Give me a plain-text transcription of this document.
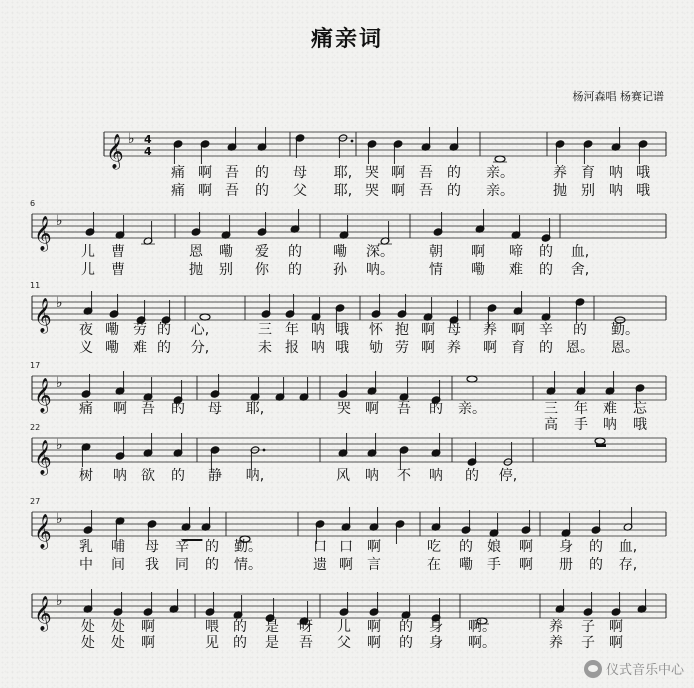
痛亲词
杨河森唱 杨赛记谱
𝄞 ♭ 4
4
痛 啊 吾 的 母 耶, 哭 啊 吾 的 亲。	养 育 呐 哦
痛 啊 吾 的 父 耶, 哭 啊 吾 的 亲。	抛 别 呐 哦
𝄞 ♭
6
儿 曹	恩 嘞 爱 的 嘞 深。	朝 啊 啼 的 血,
儿 曹	抛 别 你 的 孙 呐。	情 嘞 难 的 舍,
𝄞 ♭
11
夜 嘞 劳 的 心,	三 年 呐 哦 怀 抱 啊 母 养 啊 辛 的 勤。
义 嘞 难 的 分,	未 报 呐 哦 劬 劳 啊 养 啊 育 的 恩。 恩。
𝄞 ♭
17
痛 啊 吾 的 母 耶,	哭 啊 吾 的 亲。	三 年 难 忘
高 手 呐 哦
𝄞 ♭
22
树 呐 欲 的 静 呐,	风 呐 不 呐 的 停,
𝄞 ♭
27
乳 哺 母 辛 的 勤。	口 口 啊	吃 的 娘 啊 身 的 血,
中 间 我 同 的 情。	遗 啊 言	在 嘞 手 啊 册 的 存,
𝄞 ♭
处 处 啊	喂 的 是 呀 儿 啊 的 身 啊。	养 子 啊
处 处 啊	见 的 是 吾 父 啊 的 身 啊。	养 子 啊
仪式音乐中心
